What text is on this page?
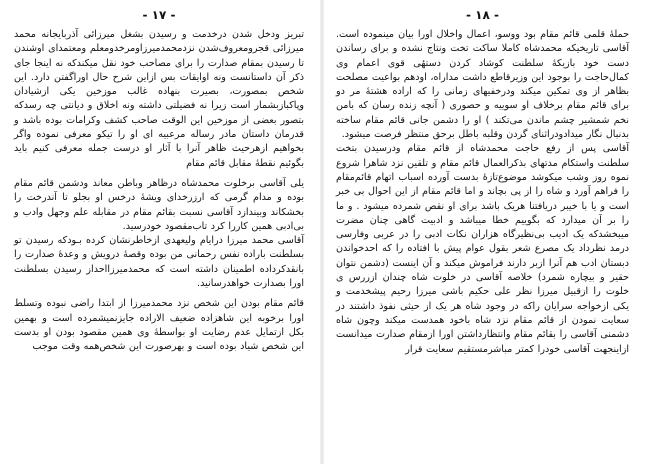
- ۱۷ -

تبریز ودخل شدن درخدمت و رسیدن بشغل میرزائی آذربایجانه محمد میرزائی قجرومعروف‌شدن نزدمحمدمیرزاومرخدومعلم ومعتمدای اوشندن تا رسیدن بمقام صدارت را برای مصاحب خود نقل میکندکه نه اینجا جای ذکر آن داستانست ونه اوایقات بس ازاین شرح حال اوراگفتن دارد. این شخص بمصورت، بصیرت بنهاده غالب موزخین یکی ازشیادان وپاکبازبشمار است زیرا نه فضیلتی داشته ونه اخلاق و دیانتی چه رسدکه بتصور بعضی از موزخین این الوقت صاحب کشف وکرامات بوده باشد و قدرمان داستان مادر رساله مرعبیه ای او را تیکو معرفی نموده واگر بخواهیم ازهرحیث ظاهر آنرا با آثار او درست جمله معرفی کنیم باید بگوئیم نقطهٔ مقابل قائم مقام

یلی آقاسی برخلوت محمدشاه درظاهر وباطن معاند ودشمن قائم مقام بوده و مدام گرمی که ارزرخدای ویشهٔ درخس او بجلو تا آندرخت را بخشکاند وبیندازد آقاسی نسبت بقائم مقام در مقابله علم وجهل وادب و بی‌ادبی همین کاررا کرد تاب‌مقصود خودرسید.

آقاسی محمد میرزا درایام ولیعهدی ازخاطرنشان کرده بـودکه رسیدن تو بسلطنت باراده نفس رحمانی من بوده وقصهٔ درویش و وعدهٔ صدارت را بانقدکرداده اطمینان داشته است که محمدمیرزااحداز رسیدن بسلطنت اورا بصدارت خواهدرسانید.

قائم مقام بودن این شخص نزد محمدمیرزا از ابتدا راضی نبوده وتسلط اورا برخوبه این شاهزاده ضعیف الاراده جایزنمیشمرده است و بهمین بکل ازتمایل عدم رضایت او بواسطهٔ وی همین مقصود بودن او بدست این شخص شیاد بوده است و بهرصورت این شخص‌همه وقت موجب

- ۱۸ -

حملهٔ قلمی قائم مقام بود ووسو، اعمال واخلال اورا بیان مینموده است. آقاسی تاریخیکه محمدشاه کاملا ساکت تخت ونتاج نشده و برای رساندن دست خود بازیکهٔ سلطنت کوشاد کردن دستهٔی قوی اعمام وی کمال‌حاجت را بوجود این وزیرقاطع داشت مداراه، اودهم بواعیت مصلحت بظاهر از وی تمکین میکند ودرخفیهای زمانی را که اراده‌ هشتهٔ مر دو برای قائم مقام برخلاف او سوییه و حصوری ( آنچه زنده رسان که بامن نخم شمشیر چشم ماندن می‌تکند ) او را دشمن جانی قائم مقام ساخته بدنبال نگار میدادودراثنای گردن وقلبه باطل برحق منتظر فرصت میشود.

آقاسی پس از رفع حاجت محمدشاه از قائم مقام ودرسیدن بتخت سلطنت واستکام مدتهای بذکرالعمال قائم مقام و تلقین نزد شاهرا شروع نموه روز وشب میکوشد موضوع‌تازهٔ بدست آورده اسباب اتهام قائم‌مقام را فراهم آورد و شاه را از پی بچاند و اما قائم مقام از این احوال بی خبر است و یا با خیبر دریافتنا هریک باشد برای او نقص شمرده میشود . و ما را بر آن میدارد که بگوییم خطا میباشد و ادبیت گاهی چنان مضرت میبخشدکه یک ادیب بی‌نظیرگاه هزاران نکات ادبی را در عربی وفارسی درمد نظرداد یک مصرع شعر بقول عوام پیش با افتاده را که احدخواندن دبستان ادب هم آنرا ازبر دارند فراموش میکند و آن اینست (دشمن نتوان حقیر و بیچاره شمرد) خلاصه آقاسی در خلوت شاه چندان ازررس ی خلوت را ازقبیل میرزا نظر علی حکیم باشی میرزا رحیم پیشخدمت و یکی ازخواجه سرایان راکه در وجود شاه هر یک از حیثی نفوذ داشتند در سعایت نمودن از قائم مقام نزد شاه باخود همدست میکند وچون شاه دشمنی آقاسی را بقائم مقام وانتظارداشتن اورا ازمقام صدارت میدانست ازاینجهت آقاسی خودرا کمتر مباشرمستقیم سعایت قرار
